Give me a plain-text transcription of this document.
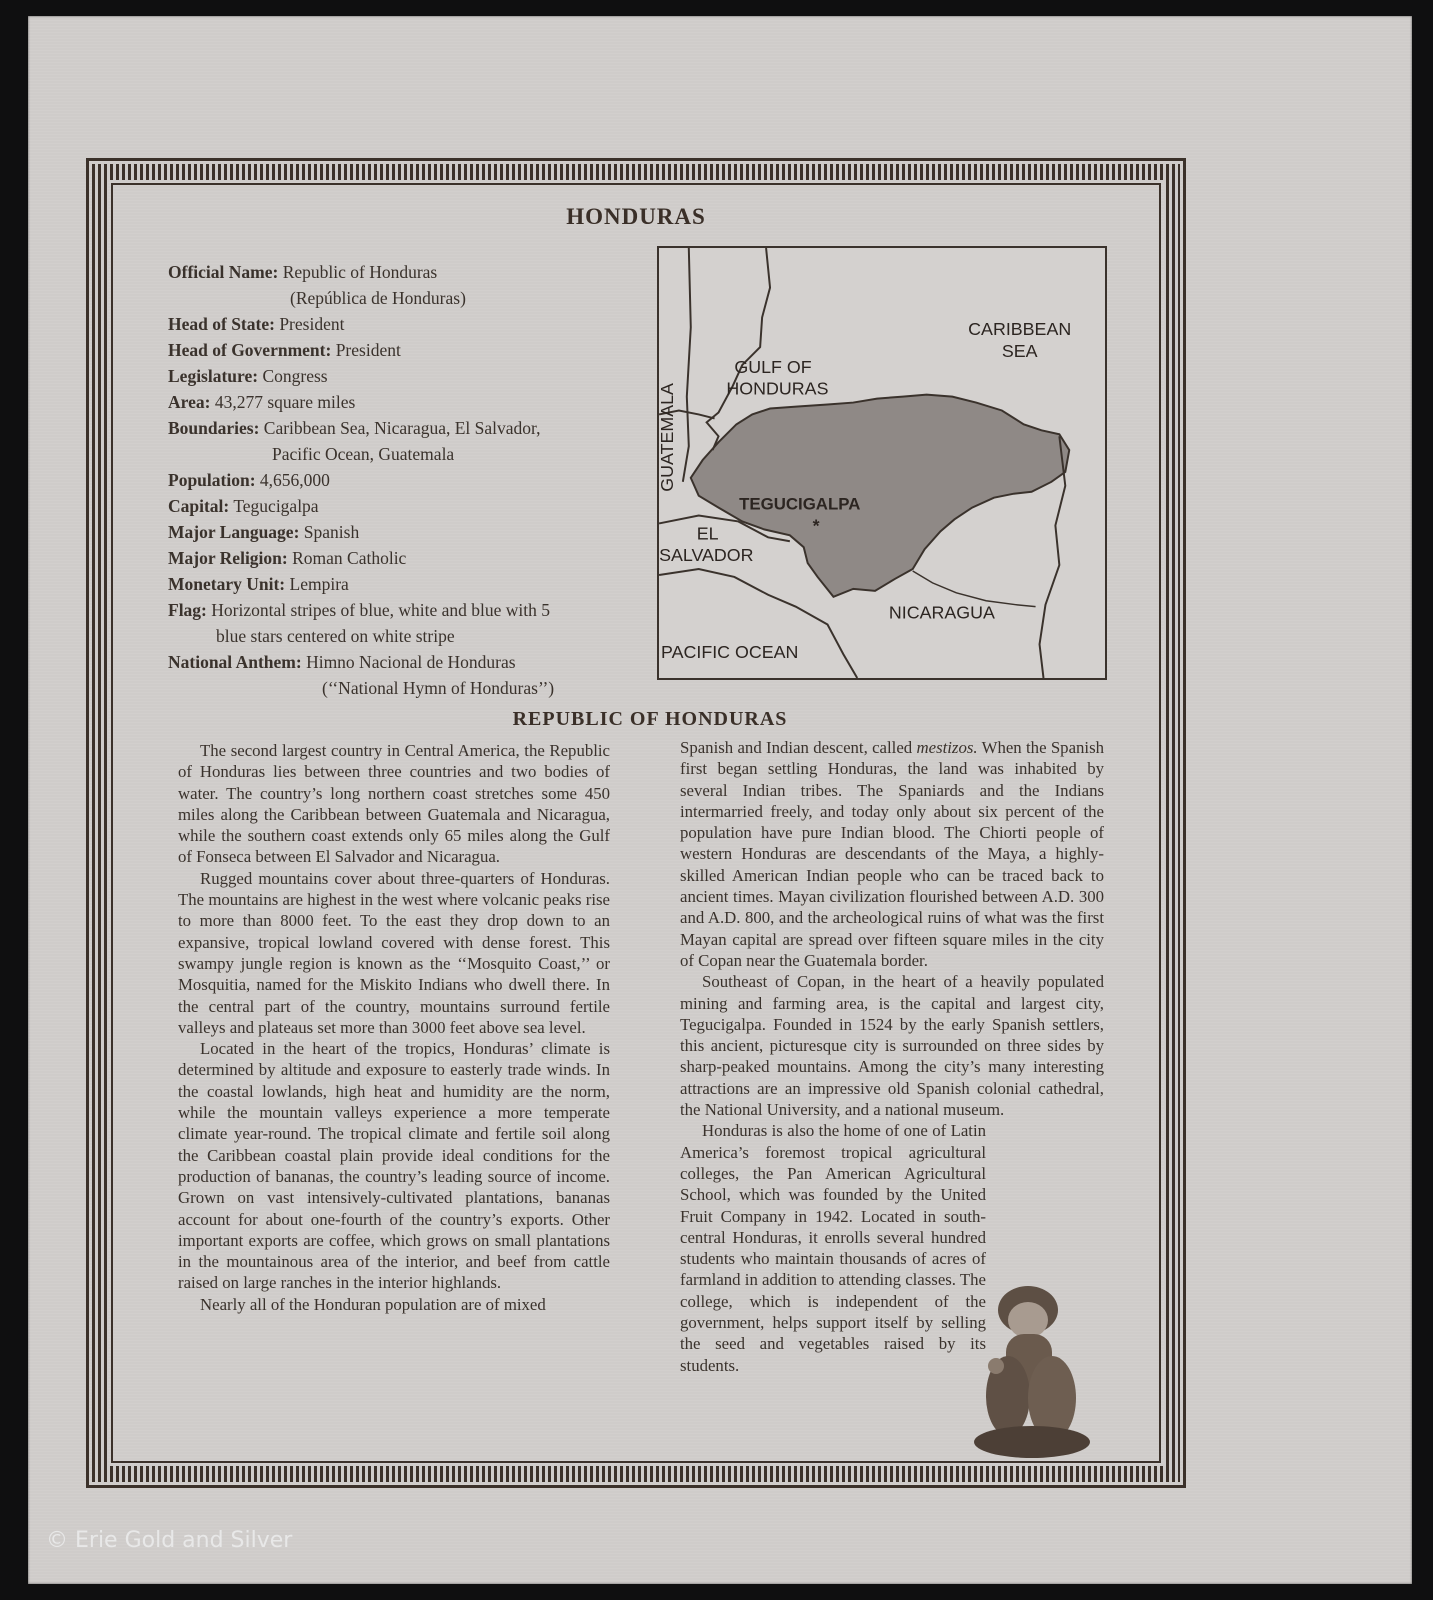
HONDURAS
Official Name: Republic of Honduras
(República de Honduras)
Head of State: President
Head of Government: President
Legislature: Congress
Area: 43,277 square miles
Boundaries: Caribbean Sea, Nicaragua, El Salvador,
Pacific Ocean, Guatemala
Population: 4,656,000
Capital: Tegucigalpa
Major Language: Spanish
Major Religion: Roman Catholic
Monetary Unit: Lempira
Flag: Horizontal stripes of blue, white and blue with 5
blue stars centered on white stripe
National Anthem: Himno Nacional de Honduras
(‘‘National Hymn of Honduras’’)
*
CARIBBEAN
SEA
GULF OF
HONDURAS
GUATEMALA
TEGUCIGALPA
EL
SALVADOR
NICARAGUA
PACIFIC OCEAN
REPUBLIC OF HONDURAS

The second largest country in Central America, the Republic of Honduras lies between three countries and two bodies of water. The country’s long northern coast stretches some 450 miles along the Caribbean between Guatemala and Nicaragua, while the southern coast extends only 65 miles along the Gulf of Fonseca between El Salvador and Nicaragua.

Rugged mountains cover about three-quarters of Honduras. The mountains are highest in the west where volcanic peaks rise to more than 8000 feet. To the east they drop down to an expansive, tropical lowland covered with dense forest. This swampy jungle region is known as the ‘‘Mosquito Coast,’’ or Mosquitia, named for the Miskito Indians who dwell there. In the central part of the country, mountains surround fertile valleys and plateaus set more than 3000 feet above sea level.

Located in the heart of the tropics, Honduras’ climate is determined by altitude and exposure to easterly trade winds. In the coastal lowlands, high heat and humidity are the norm, while the mountain valleys experience a more temperate climate year-round. The tropical climate and fertile soil along the Caribbean coastal plain provide ideal conditions for the production of bananas, the country’s leading source of income. Grown on vast intensively-cultivated plantations, bananas account for about one-fourth of the country’s exports. Other important exports are coffee, which grows on small plantations in the mountainous area of the interior, and beef from cattle raised on large ranches in the interior highlands.

Nearly all of the Honduran population are of mixed

Spanish and Indian descent, called mestizos. When the Spanish first began settling Honduras, the land was inhabited by several Indian tribes. The Spaniards and the Indians intermarried freely, and today only about six percent of the population have pure Indian blood. The Chiorti people of western Honduras are descendants of the Maya, a highly-skilled American Indian people who can be traced back to ancient times. Mayan civilization flourished between A.D. 300 and A.D. 800, and the archeological ruins of what was the first Mayan capital are spread over fifteen square miles in the city of Copan near the Guatemala border.

Southeast of Copan, in the heart of a heavily populated mining and farming area, is the capital and largest city, Tegucigalpa. Founded in 1524 by the early Spanish settlers, this ancient, picturesque city is surrounded on three sides by sharp-peaked mountains. Among the city’s many interesting attractions are an impressive old Spanish colonial cathedral, the National University, and a national museum.

Honduras is also the home of one of Latin America’s foremost tropical agricultural colleges, the Pan American Agricultural School, which was founded by the United Fruit Company in 1942. Located in south-central Honduras, it enrolls several hundred students who maintain thousands of acres of farmland in addition to attending classes. The college, which is independent of the government, helps support itself by selling the seed and vegetables raised by its students.

© Erie Gold and Silver
